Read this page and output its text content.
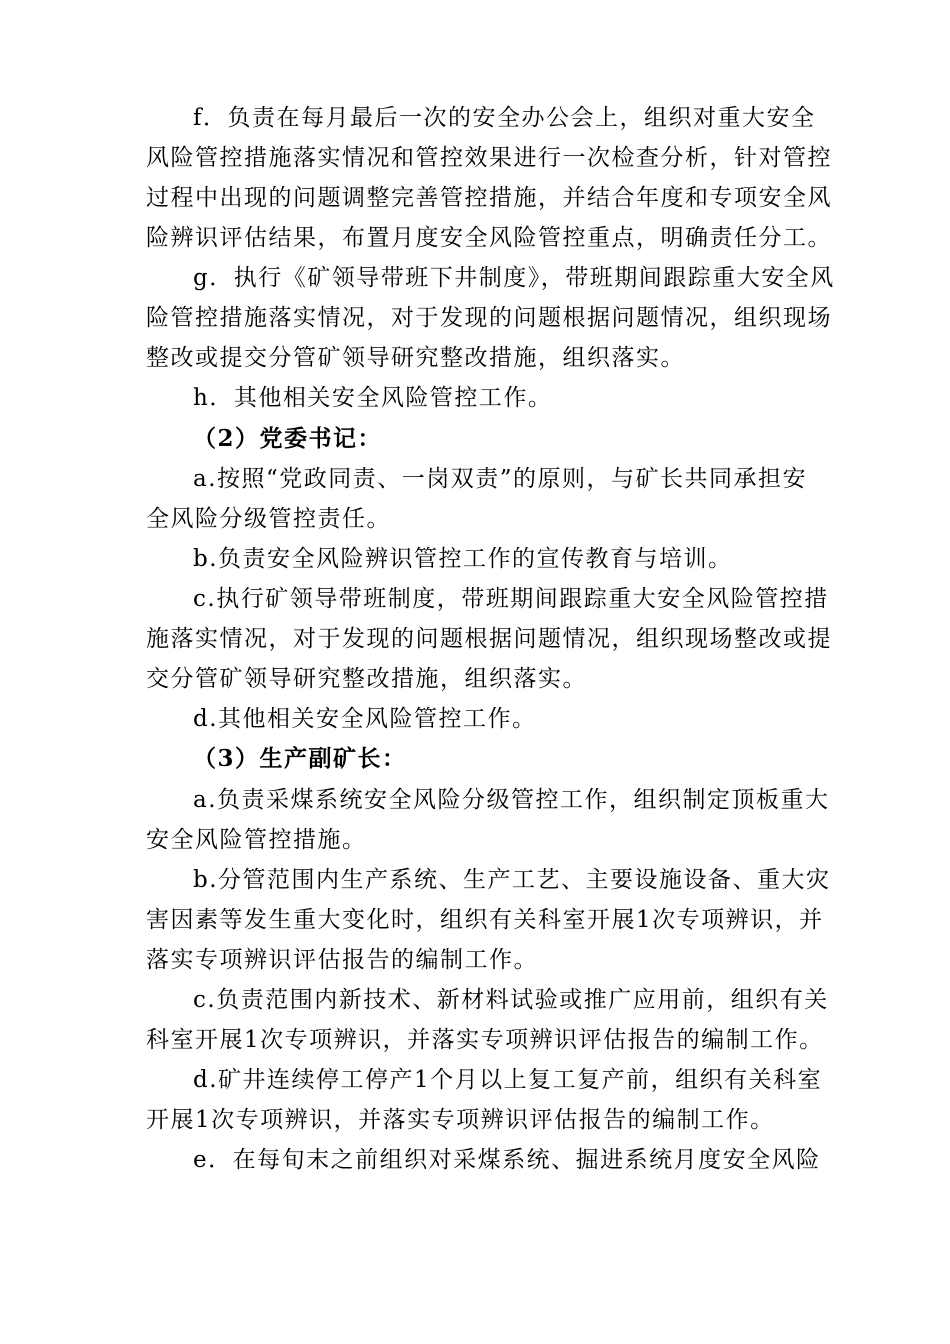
f．负责在每月最后一次的安全办公会上，组织对重大安全
风险管控措施落实情况和管控效果进行一次检查分析，针对管控
过程中出现的问题调整完善管控措施，并结合年度和专项安全风
险辨识评估结果，布置月度安全风险管控重点，明确责任分工。
g．执行《矿领导带班下井制度》，带班期间跟踪重大安全风
险管控措施落实情况，对于发现的问题根据问题情况，组织现场
整改或提交分管矿领导研究整改措施，组织落实。
h．其他相关安全风险管控工作。
（2）党委书记：
a.按照“党政同责、一岗双责”的原则，与矿长共同承担安
全风险分级管控责任。
b.负责安全风险辨识管控工作的宣传教育与培训。
c.执行矿领导带班制度，带班期间跟踪重大安全风险管控措
施落实情况，对于发现的问题根据问题情况，组织现场整改或提
交分管矿领导研究整改措施，组织落实。
d.其他相关安全风险管控工作。
（3）生产副矿长：
a.负责采煤系统安全风险分级管控工作，组织制定顶板重大
安全风险管控措施。
b.分管范围内生产系统、生产工艺、主要设施设备、重大灾
害因素等发生重大变化时，组织有关科室开展1次专项辨识，并
落实专项辨识评估报告的编制工作。
c.负责范围内新技术、新材料试验或推广应用前，组织有关
科室开展1次专项辨识，并落实专项辨识评估报告的编制工作。
d.矿井连续停工停产1个月以上复工复产前，组织有关科室
开展1次专项辨识，并落实专项辨识评估报告的编制工作。
e．在每旬末之前组织对采煤系统、掘进系统月度安全风险
